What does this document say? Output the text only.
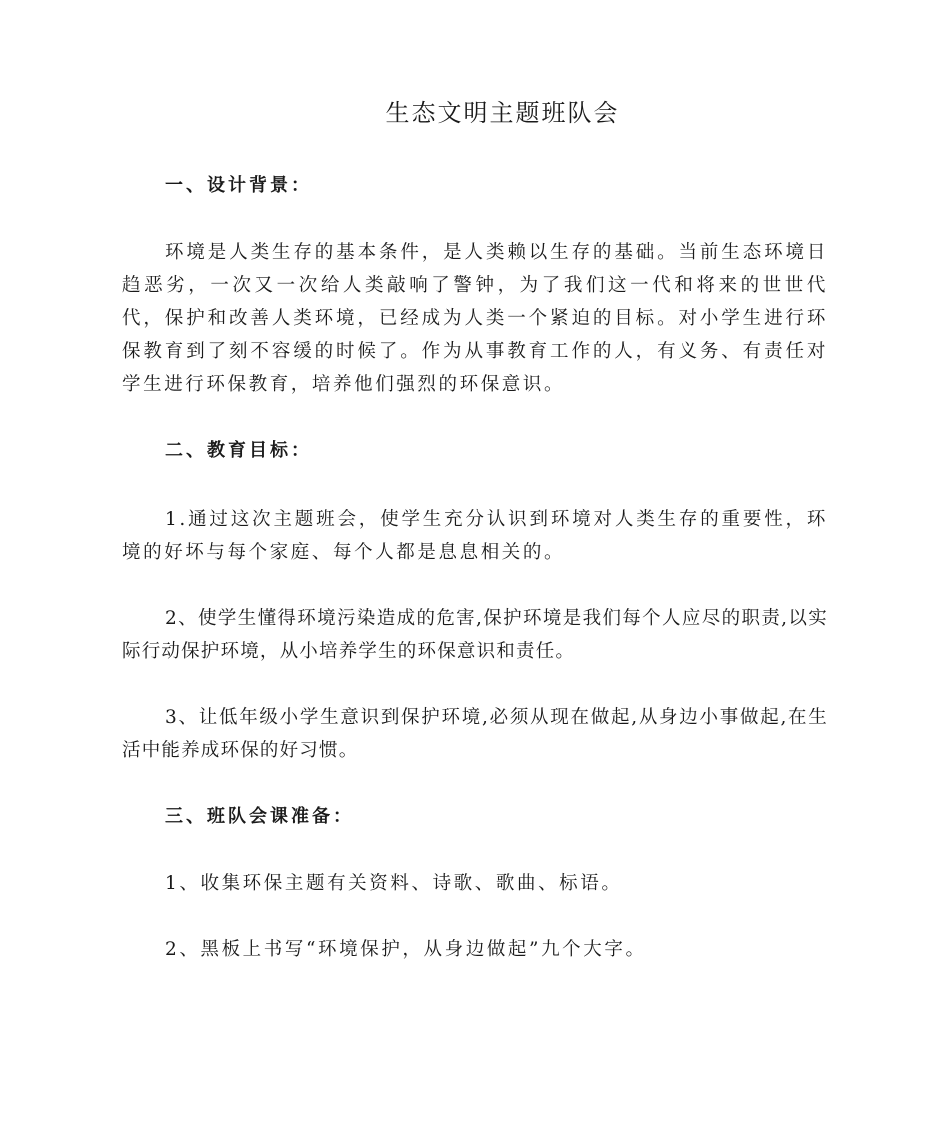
生态文明主题班队会
一、设计背景：
环境是人类生存的基本条件，是人类赖以生存的基础。当前生态环境日趋恶劣，一次又一次给人类敲响了警钟，为了我们这一代和将来的世世代代，保护和改善人类环境，已经成为人类一个紧迫的目标。对小学生进行环保教育到了刻不容缓的时候了。作为从事教育工作的人，有义务、有责任对学生进行环保教育，培养他们强烈的环保意识。
二、教育目标：
1.通过这次主题班会，使学生充分认识到环境对人类生存的重要性，环境的好坏与每个家庭、每个人都是息息相关的。
2、使学生懂得环境污染造成的危害,保护环境是我们每个人应尽的职责,以实际行动保护环境，从小培养学生的环保意识和责任。
3、让低年级小学生意识到保护环境,必须从现在做起,从身边小事做起,在生活中能养成环保的好习惯。
三、班队会课准备：
1、收集环保主题有关资料、诗歌、歌曲、标语。
2、黑板上书写“环境保护，从身边做起”九个大字。
